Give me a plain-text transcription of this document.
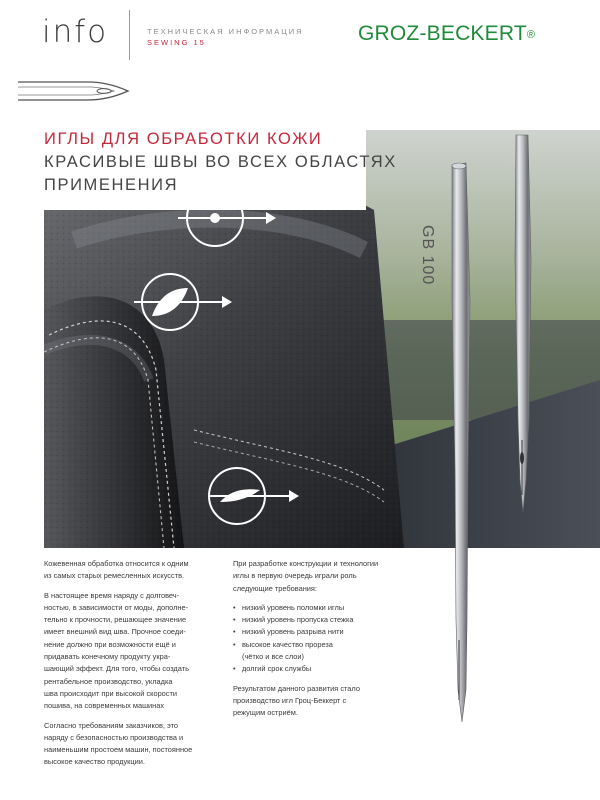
info	ТЕХНИЧЕСКАЯ ИНФОРМАЦИЯ
SEWING 15	GROZ-BECKERT®
GB 100
ИГЛЫ ДЛЯ ОБРАБОТКИ КОЖИ
КРАСИВЫЕ ШВЫ ВО ВСЕХ ОБЛАСТЯХ
ПРИМЕНЕНИЯ

Кожевенная обработка относится к одним
из самых старых ремесленных искусств.

В настоящее время наряду с долговеч-
ностью, в зависимости от моды, дополне-
тельно к прочности, решающее значение
имеет внешний вид шва. Прочное соеди-
нение должно при возможности ещё и
придавать конечному продукту укра-
шающий эффект. Для того, чтобы создать
рентабельное производство, укладка
шва происходит при высокой скорости
пошива, на современных машинах

Согласно требованиям заказчиков, это
наряду с безопасностью производства и
наименьшим простоем машин, постоянное
высокое качество продукции.

При разработке конструкции и технологии
иглы в первую очередь играли роль
следующие требования:

• низкий уровень поломки иглы
• низкий уровень пропуска стежка
• низкий уровень разрыва нити
• высокое качество прореза
(чётко и все слои)
• долгий срок службы

Результатом данного развития стало
производство игл Гроц-Беккерт с
режущим остриём.
